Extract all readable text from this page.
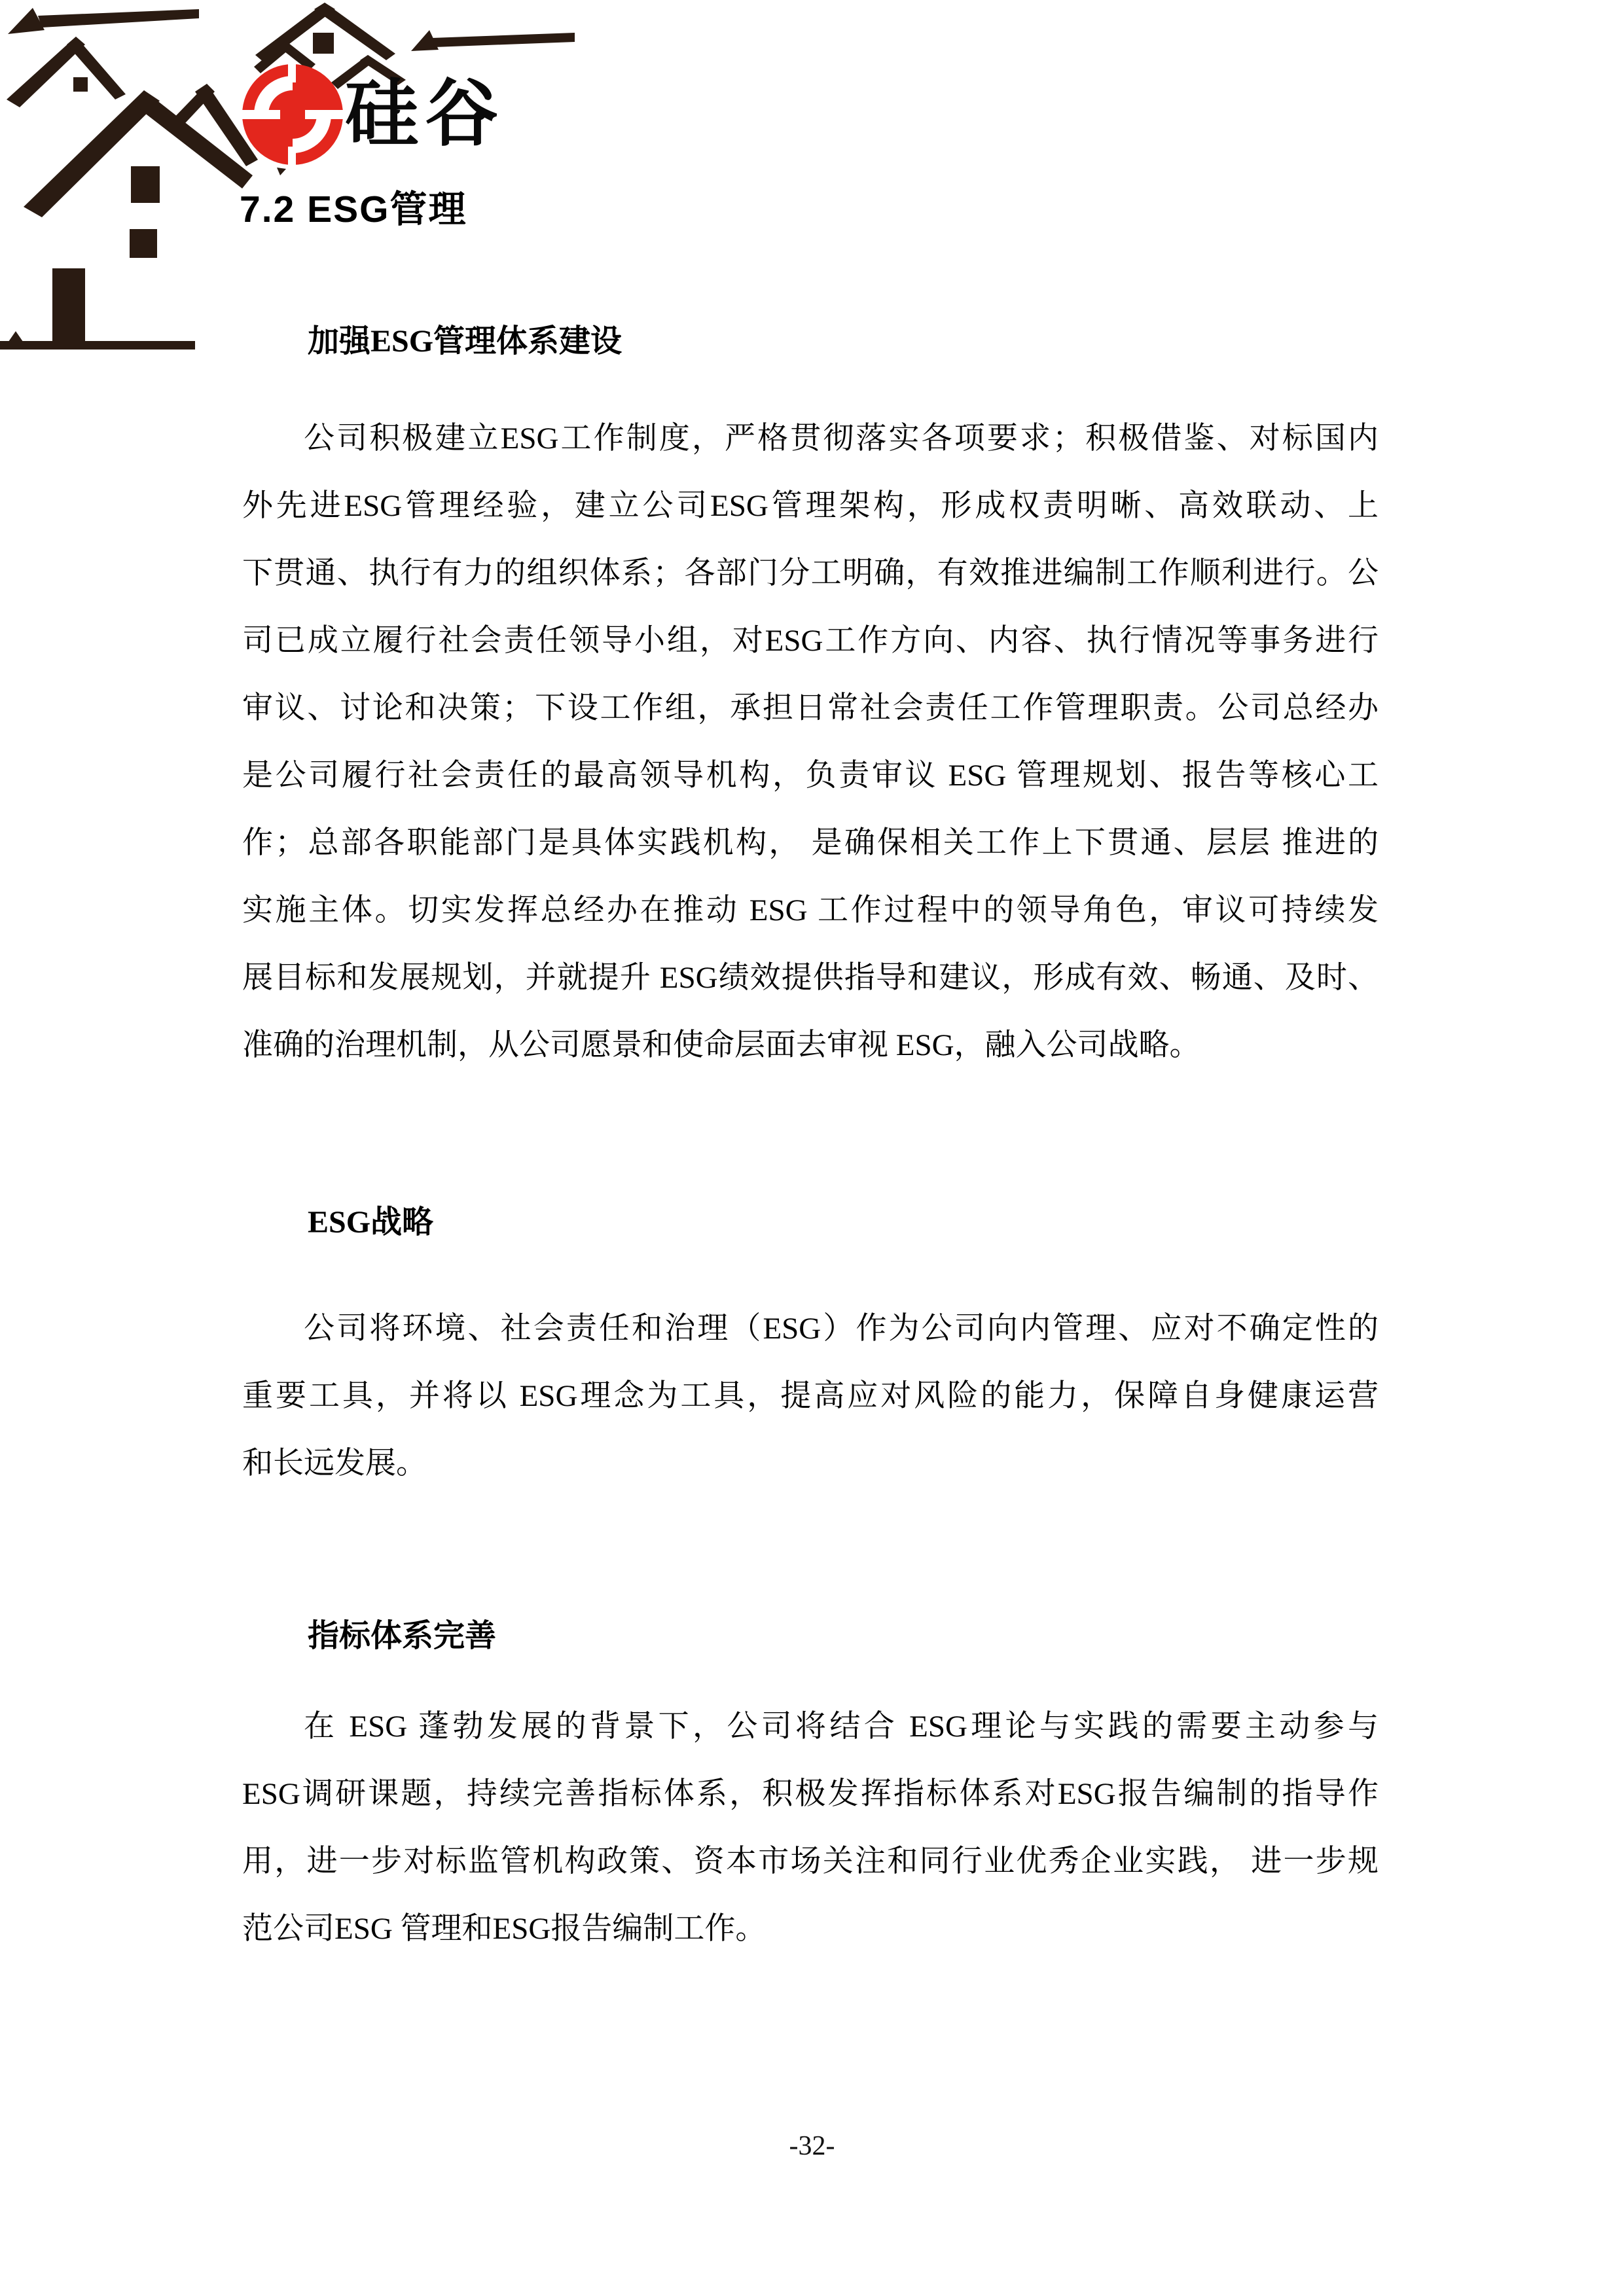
硅谷
7.2 ESG管理
加强ESG管理体系建设
公司积极建立ESG工作制度，严格贯彻落实各项要求；积极借鉴、对标国内
外先进ESG管理经验，建立公司ESG管理架构，形成权责明晰、高效联动、上
下贯通、执行有力的组织体系；各部门分工明确，有效推进编制工作顺利进行。公
司已成立履行社会责任领导小组，对ESG工作方向、内容、执行情况等事务进行
审议、讨论和决策；下设工作组，承担日常社会责任工作管理职责。公司总经办
是公司履行社会责任的最高领导机构，负责审议 ESG 管理规划、报告等核心工
作；总部各职能部门是具体实践机构， 是确保相关工作上下贯通、层层 推进的
实施主体。切实发挥总经办在推动 ESG 工作过程中的领导角色，审议可持续发
展目标和发展规划，并就提升 ESG绩效提供指导和建议，形成有效、畅通、及时、
准确的治理机制，从公司愿景和使命层面去审视 ESG，融入公司战略。
ESG战略
公司将环境、社会责任和治理（ESG）作为公司向内管理、应对不确定性的
重要工具，并将以 ESG理念为工具，提高应对风险的能力，保障自身健康运营
和长远发展。
指标体系完善
在 ESG 蓬勃发展的背景下，公司将结合 ESG理论与实践的需要主动参与
ESG调研课题，持续完善指标体系，积极发挥指标体系对ESG报告编制的指导作
用，进一步对标监管机构政策、资本市场关注和同行业优秀企业实践， 进一步规
范公司ESG 管理和ESG报告编制工作。
-32-
